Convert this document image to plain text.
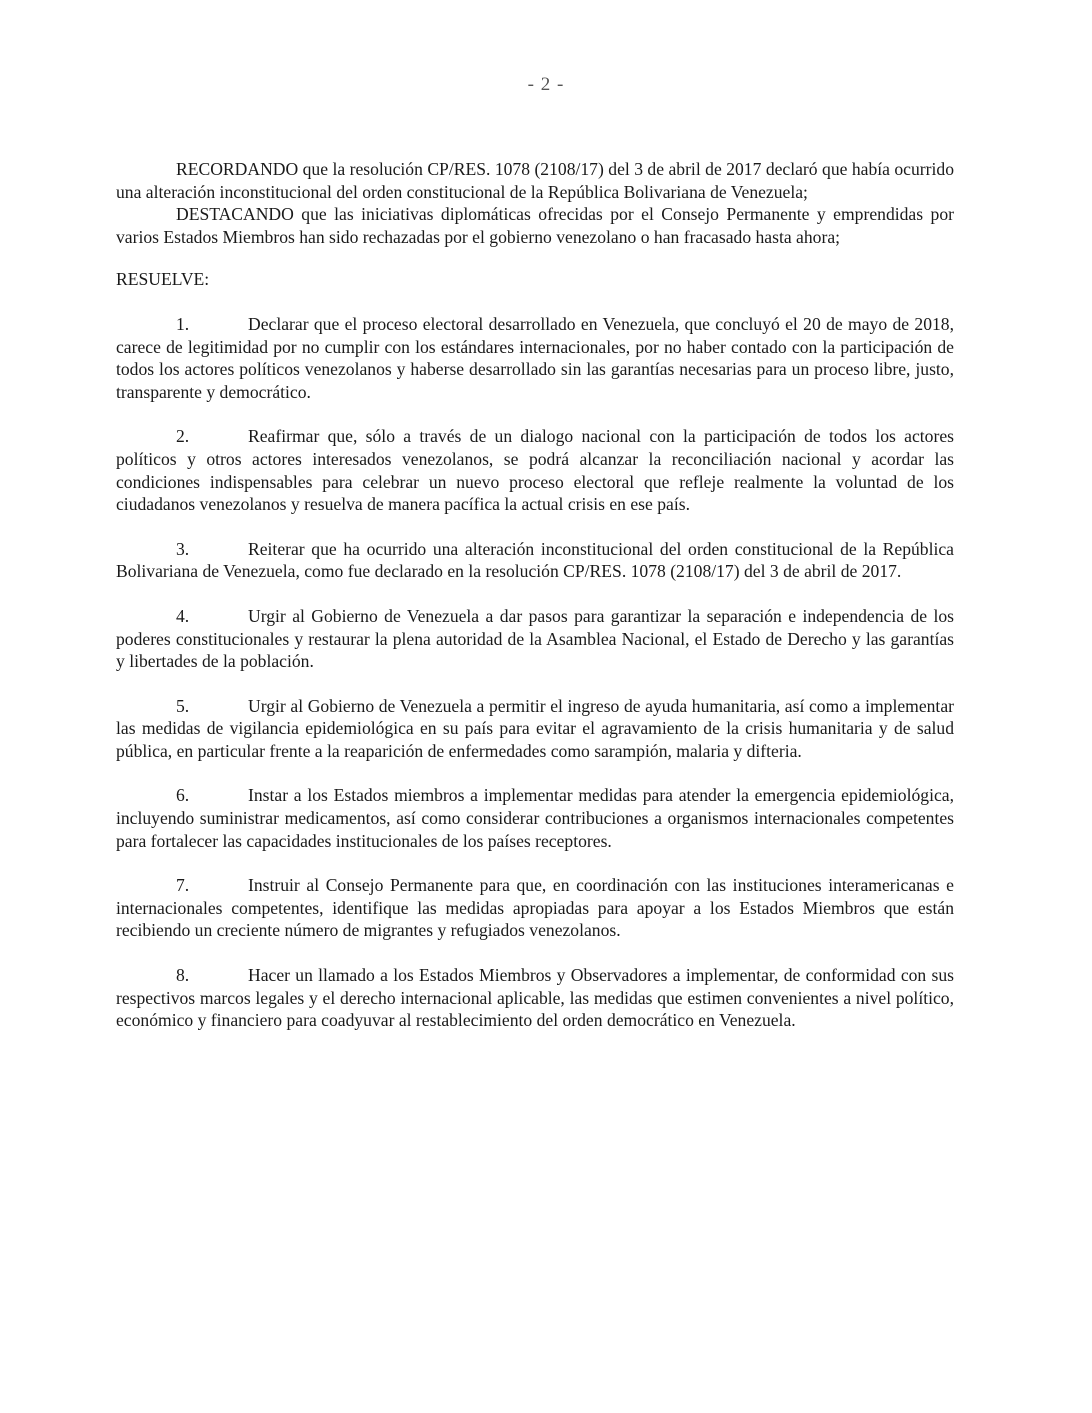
- 2 -

RECORDANDO que la resolución CP/RES. 1078 (2108/17) del 3 de abril de 2017 declaró que había ocurrido una alteración inconstitucional del orden constitucional de la República Bolivariana de Venezuela;

DESTACANDO que las iniciativas diplomáticas ofrecidas por el Consejo Permanente y emprendidas por varios Estados Miembros han sido rechazadas por el gobierno venezolano o han fracasado hasta ahora;

RESUELVE:

1.	Declarar que el proceso electoral desarrollado en Venezuela, que concluyó el 20 de mayo de 2018, carece de legitimidad por no cumplir con los estándares internacionales, por no haber contado con la participación de todos los actores políticos venezolanos y haberse desarrollado sin las garantías necesarias para un proceso libre, justo, transparente y democrático.

2.	Reafirmar que, sólo a través de un dialogo nacional con la participación de todos los actores políticos y otros actores interesados venezolanos, se podrá alcanzar la reconciliación nacional y acordar las condiciones indispensables para celebrar un nuevo proceso electoral que refleje realmente la voluntad de los ciudadanos venezolanos y resuelva de manera pacífica la actual crisis en ese país.

3.	Reiterar que ha ocurrido una alteración inconstitucional del orden constitucional de la República Bolivariana de Venezuela, como fue declarado en la resolución CP/RES. 1078 (2108/17) del 3 de abril de 2017.

4.	Urgir al Gobierno de Venezuela a dar pasos para garantizar la separación e independencia de los poderes constitucionales y restaurar la plena autoridad de la Asamblea Nacional, el Estado de Derecho y las garantías y libertades de la población.

5.	Urgir al Gobierno de Venezuela a permitir el ingreso de ayuda humanitaria, así como a implementar las medidas de vigilancia epidemiológica en su país para evitar el agravamiento de la crisis humanitaria y de salud pública, en particular frente a la reaparición de enfermedades como sarampión, malaria y difteria.

6.	Instar a los Estados miembros a implementar medidas para atender la emergencia epidemiológica, incluyendo suministrar medicamentos, así como considerar contribuciones a organismos internacionales competentes para fortalecer las capacidades institucionales de los países receptores.

7.	Instruir al Consejo Permanente para que, en coordinación con las instituciones interamericanas e internacionales competentes, identifique las medidas apropiadas para apoyar a los Estados Miembros que están recibiendo un creciente número de migrantes y refugiados venezolanos.

8.	Hacer un llamado a los Estados Miembros y Observadores a implementar, de conformidad con sus respectivos marcos legales y el derecho internacional aplicable, las medidas que estimen convenientes a nivel político, económico y financiero para coadyuvar al restablecimiento del orden democrático en Venezuela.
